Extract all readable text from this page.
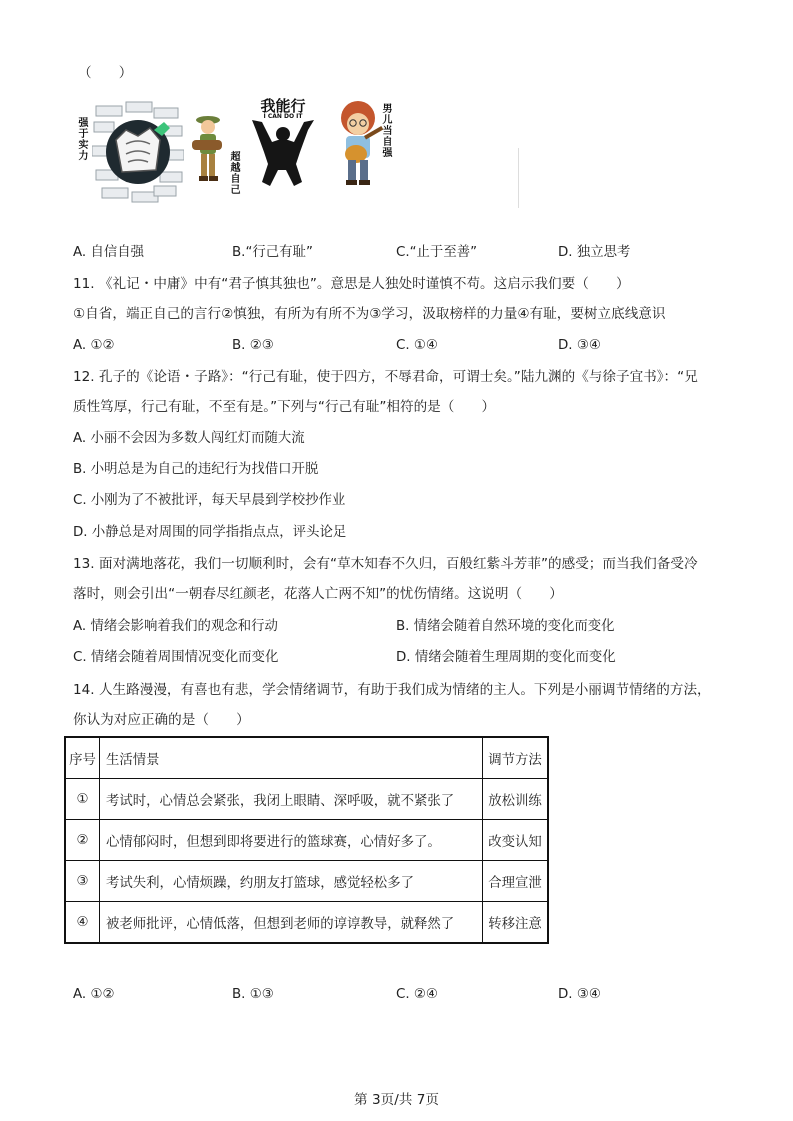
（　　）
强于实力	超越自己
我能行
I CAN DO IT
男儿当自强
A. 自信自强	B.“行己有耻”	C.“止于至善”	D. 独立思考
11. 《礼记・中庸》中有“君子慎其独也”。意思是人独处时谨慎不苟。这启示我们要（　　）
①自省，端正自己的言行②慎独，有所为有所不为③学习，汲取榜样的力量④有耻，要树立底线意识
A. ①②	B. ②③	C. ①④	D. ③④
12. 孔子的《论语・子路》：“行己有耻，使于四方，不辱君命，可谓士矣。”陆九渊的《与徐子宜书》：“兄
质性笃厚，行己有耻，不至有是。”下列与“行己有耻”相符的是（　　）
A. 小丽不会因为多数人闯红灯而随大流
B. 小明总是为自己的违纪行为找借口开脱
C. 小刚为了不被批评，每天早晨到学校抄作业
D. 小静总是对周围的同学指指点点，评头论足
13. 面对满地落花，我们一切顺利时，会有“草木知春不久归，百般红紫斗芳菲”的感受；而当我们备受冷
落时，则会引出“一朝春尽红颜老，花落人亡两不知”的忧伤情绪。这说明（　　）
A. 情绪会影响着我们的观念和行动	B. 情绪会随着自然环境的变化而变化
C. 情绪会随着周围情况变化而变化	D. 情绪会随着生理周期的变化而变化
14. 人生路漫漫，有喜也有悲，学会情绪调节，有助于我们成为情绪的主人。下列是小丽调节情绪的方法，
你认为对应正确的是（　　）
序号	生活情景	调节方法
①	考试时，心情总会紧张，我闭上眼睛、深呼吸，就不紧张了	放松训练
②	心情郁闷时，但想到即将要进行的篮球赛，心情好多了。	改变认知
③	考试失利，心情烦躁，约朋友打篮球，感觉轻松多了	合理宣泄
④	被老师批评，心情低落，但想到老师的谆谆教导，就释然了	转移注意
A. ①②	B. ①③	C. ②④	D. ③④
第 3页/共 7页
